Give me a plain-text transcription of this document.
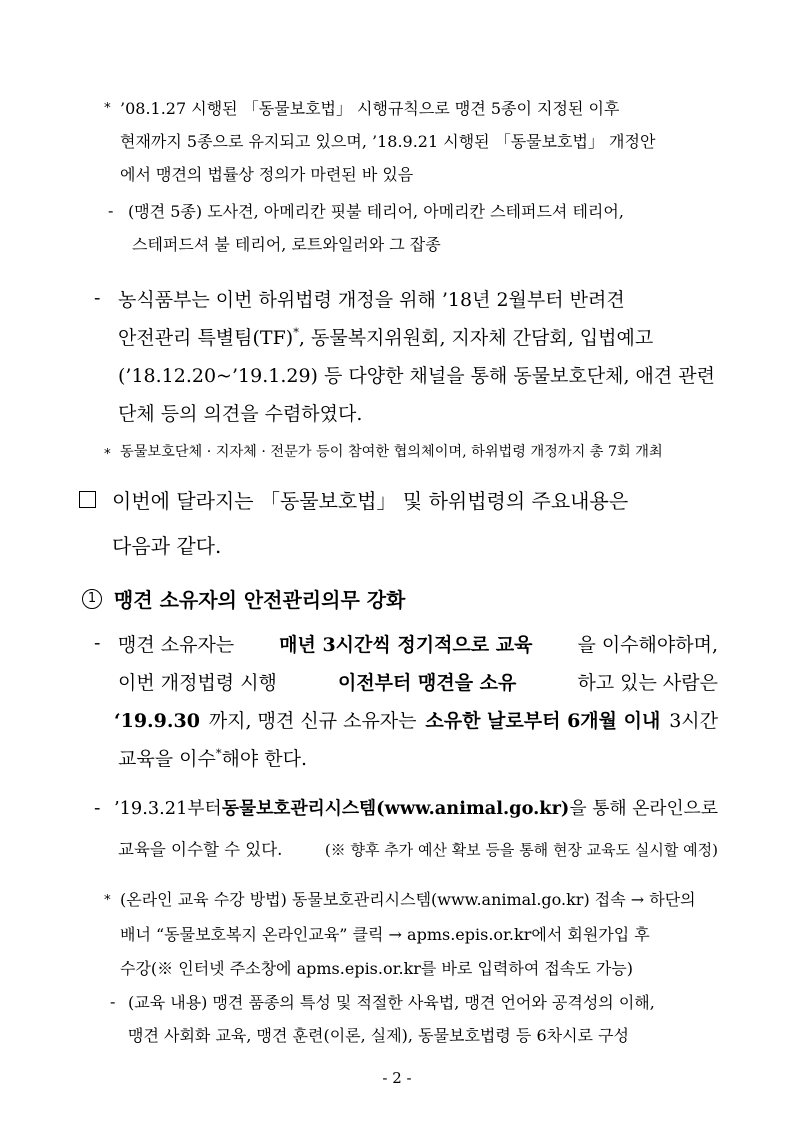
* ’08.1.27 시행된 「동물보호법」 시행규칙으로 맹견 5종이 지정된 이후
현재까지 5종으로 유지되고 있으며, ’18.9.21 시행된 「동물보호법」 개정안
에서 맹견의 법률상 정의가 마련된 바 있음
- (맹견 5종) 도사견, 아메리칸 핏불 테리어, 아메리칸 스테퍼드셔 테리어,
스테퍼드셔 불 테리어, 로트와일러와 그 잡종
- 농식품부는 이번 하위법령 개정을 위해 ’18년 2월부터 반려견
안전관리 특별팀(TF)*, 동물복지위원회, 지자체 간담회, 입법예고
(’18.12.20~’19.1.29) 등 다양한 채널을 통해 동물보호단체, 애견 관련
단체 등의 의견을 수렴하였다.
* 동물보호단체 · 지자체 · 전문가 등이 참여한 협의체이며, 하위법령 개정까지 총 7회 개최
이번에 달라지는 「동물보호법」 및 하위법령의 주요내용은
다음과 같다.
1 맹견 소유자의 안전관리의무 강화
- 맹견 소유자는 매년 3시간씩 정기적으로 교육 을 이수해야하며,
이번 개정법령 시행	이전부터 맹견을 소유	하고 있는 사람은
‘19.9.30 까지, 맹견 신규 소유자는 소유한 날로부터 6개월 이내 3시간
교육을 이수*해야 한다.
- ’19.3.21부터 동물보호관리시스템(www.animal.go.kr) 을 통해 온라인으로
교육을 이수할 수 있다.	(※ 향후 추가 예산 확보 등을 통해 현장 교육도 실시할 예정)
* (온라인 교육 수강 방법) 동물보호관리시스템(www.animal.go.kr) 접속 → 하단의
배너 “동물보호복지 온라인교육” 클릭 → apms.epis.or.kr에서 회원가입 후
수강(※ 인터넷 주소창에 apms.epis.or.kr를 바로 입력하여 접속도 가능)
- (교육 내용) 맹견 품종의 특성 및 적절한 사육법, 맹견 언어와 공격성의 이해,
맹견 사회화 교육, 맹견 훈련(이론, 실제), 동물보호법령 등 6차시로 구성
- 2 -
